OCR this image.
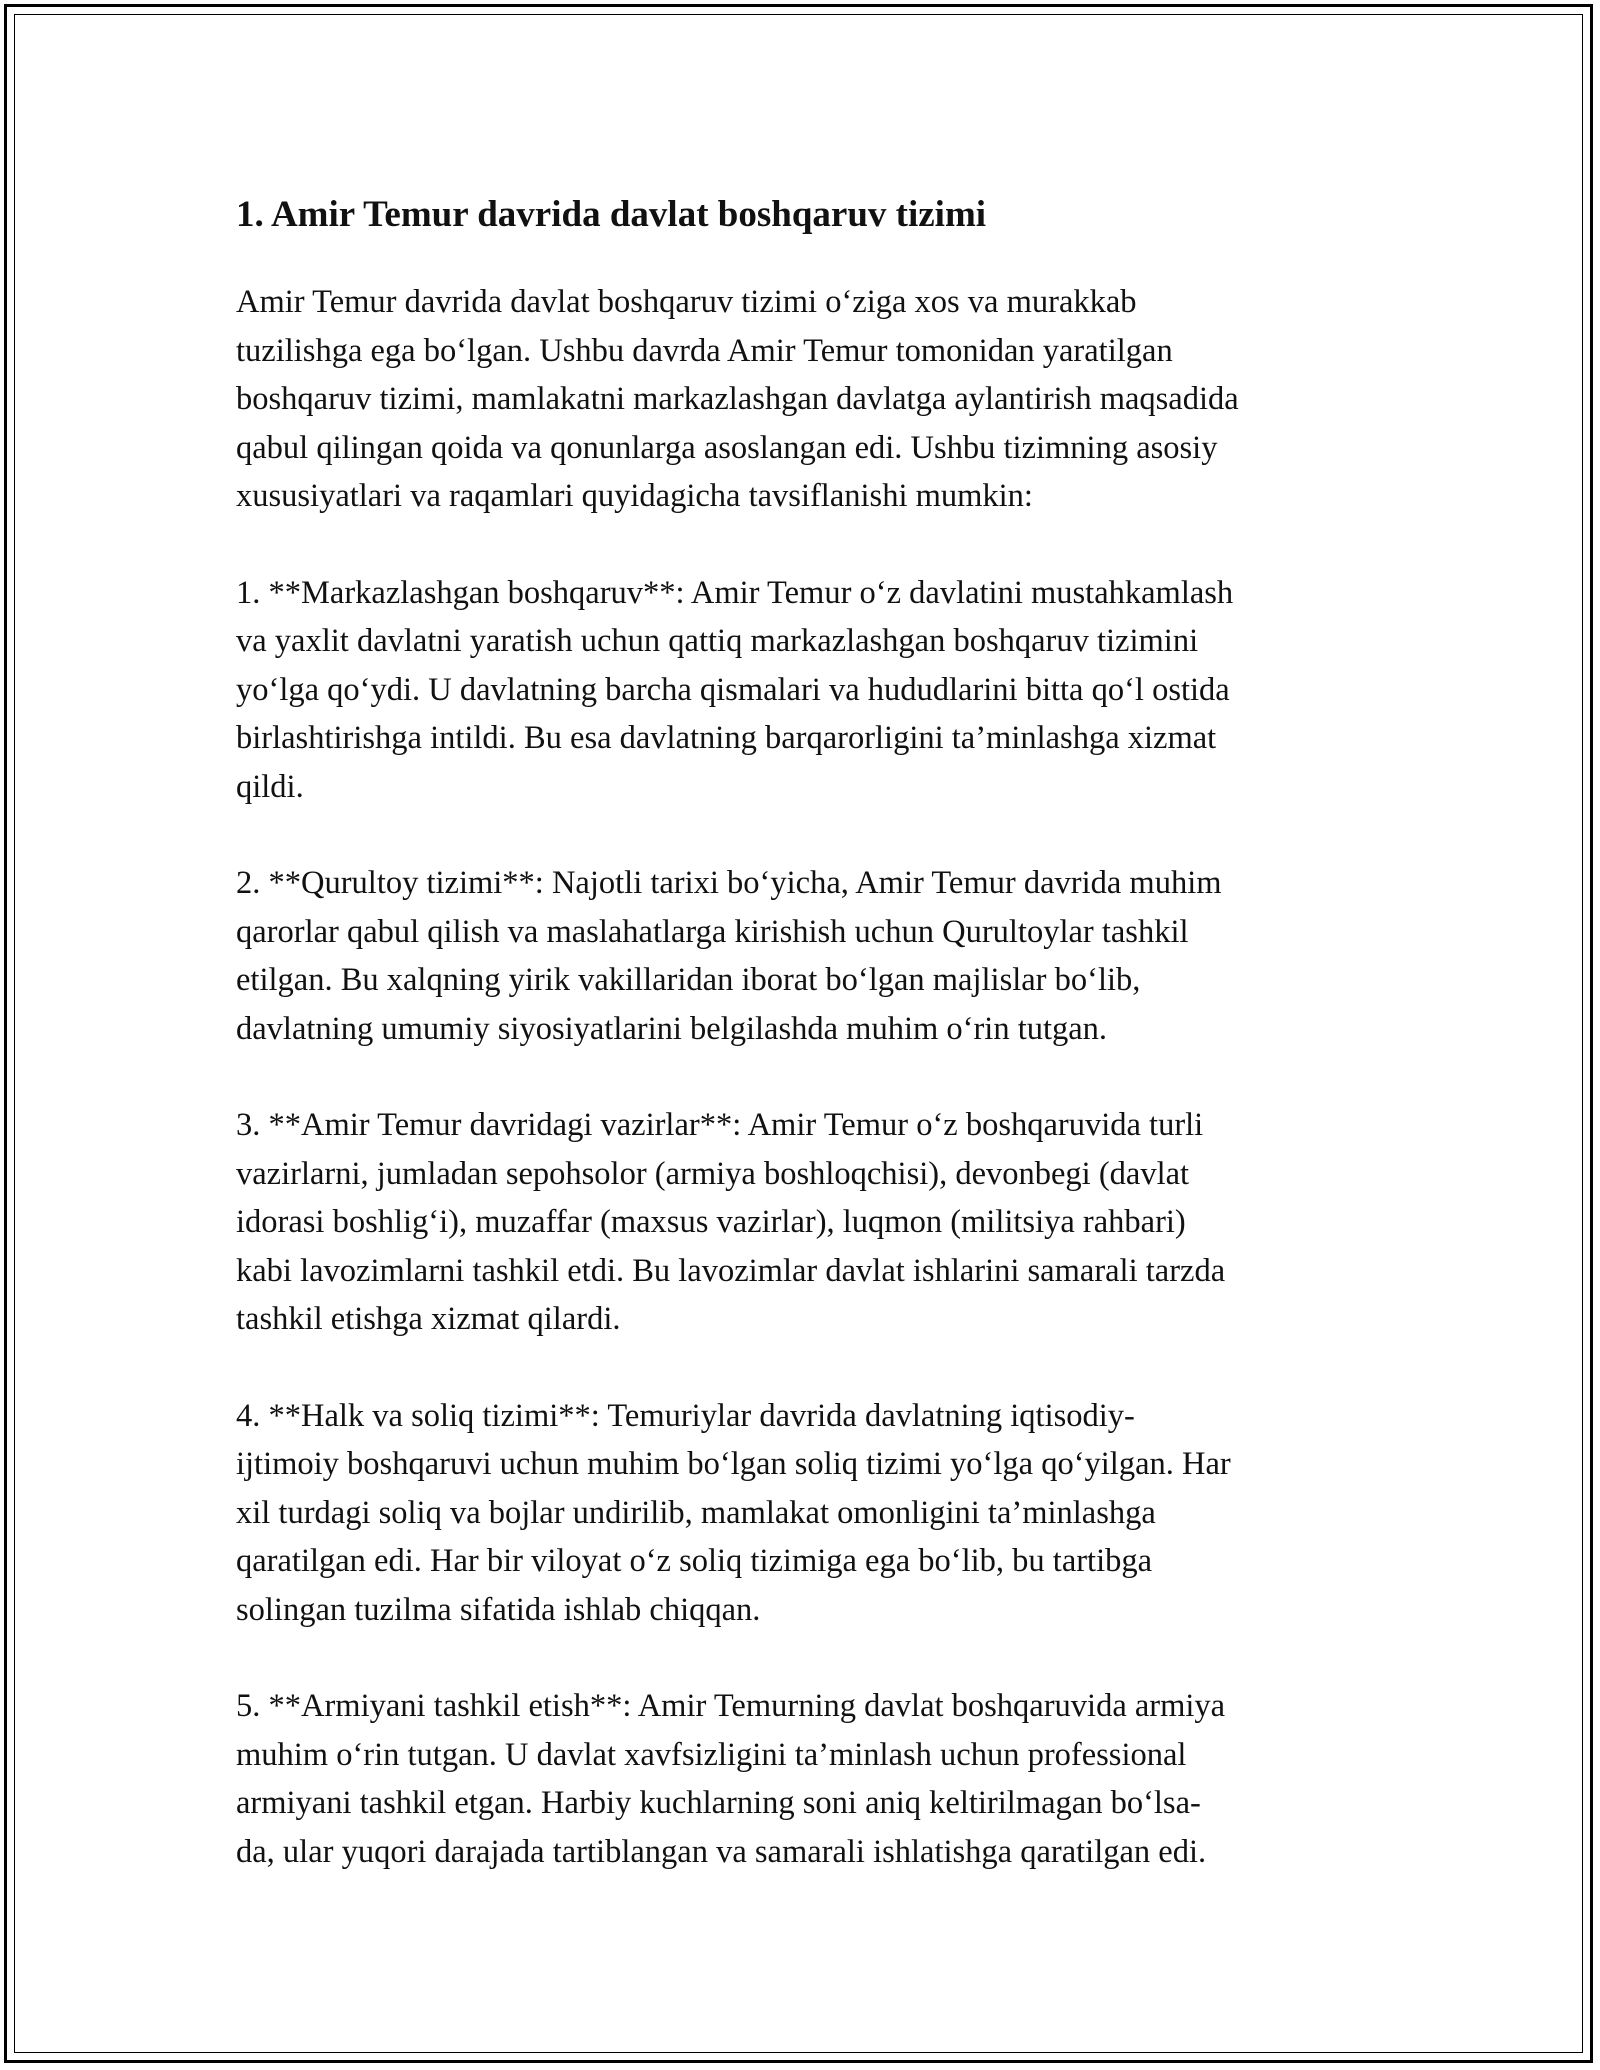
1. Amir Temur davrida davlat boshqaruv tizimi

Amir Temur davrida davlat boshqaruv tizimi o‘ziga xos va murakkab
tuzilishga ega bo‘lgan. Ushbu davrda Amir Temur tomonidan yaratilgan
boshqaruv tizimi, mamlakatni markazlashgan davlatga aylantirish maqsadida
qabul qilingan qoida va qonunlarga asoslangan edi. Ushbu tizimning asosiy
xususiyatlari va raqamlari quyidagicha tavsiflanishi mumkin:

1. **Markazlashgan boshqaruv**: Amir Temur o‘z davlatini mustahkamlash
va yaxlit davlatni yaratish uchun qattiq markazlashgan boshqaruv tizimini
yo‘lga qo‘ydi. U davlatning barcha qismalari va hududlarini bitta qo‘l ostida
birlashtirishga intildi. Bu esa davlatning barqarorligini ta’minlashga xizmat
qildi.

2. **Qurultoy tizimi**: Najotli tarixi bo‘yicha, Amir Temur davrida muhim
qarorlar qabul qilish va maslahatlarga kirishish uchun Qurultoylar tashkil
etilgan. Bu xalqning yirik vakillaridan iborat bo‘lgan majlislar bo‘lib,
davlatning umumiy siyosiyatlarini belgilashda muhim o‘rin tutgan.

3. **Amir Temur davridagi vazirlar**: Amir Temur o‘z boshqaruvida turli
vazirlarni, jumladan sepohsolor (armiya boshloqchisi), devonbegi (davlat
idorasi boshlig‘i), muzaffar (maxsus vazirlar), luqmon (militsiya rahbari)
kabi lavozimlarni tashkil etdi. Bu lavozimlar davlat ishlarini samarali tarzda
tashkil etishga xizmat qilardi.

4. **Halk va soliq tizimi**: Temuriylar davrida davlatning iqtisodiy-
ijtimoiy boshqaruvi uchun muhim bo‘lgan soliq tizimi yo‘lga qo‘yilgan. Har
xil turdagi soliq va bojlar undirilib, mamlakat omonligini ta’minlashga
qaratilgan edi. Har bir viloyat o‘z soliq tizimiga ega bo‘lib, bu tartibga
solingan tuzilma sifatida ishlab chiqqan.

5. **Armiyani tashkil etish**: Amir Temurning davlat boshqaruvida armiya
muhim o‘rin tutgan. U davlat xavfsizligini ta’minlash uchun professional
armiyani tashkil etgan. Harbiy kuchlarning soni aniq keltirilmagan bo‘lsa-
da, ular yuqori darajada tartiblangan va samarali ishlatishga qaratilgan edi.
